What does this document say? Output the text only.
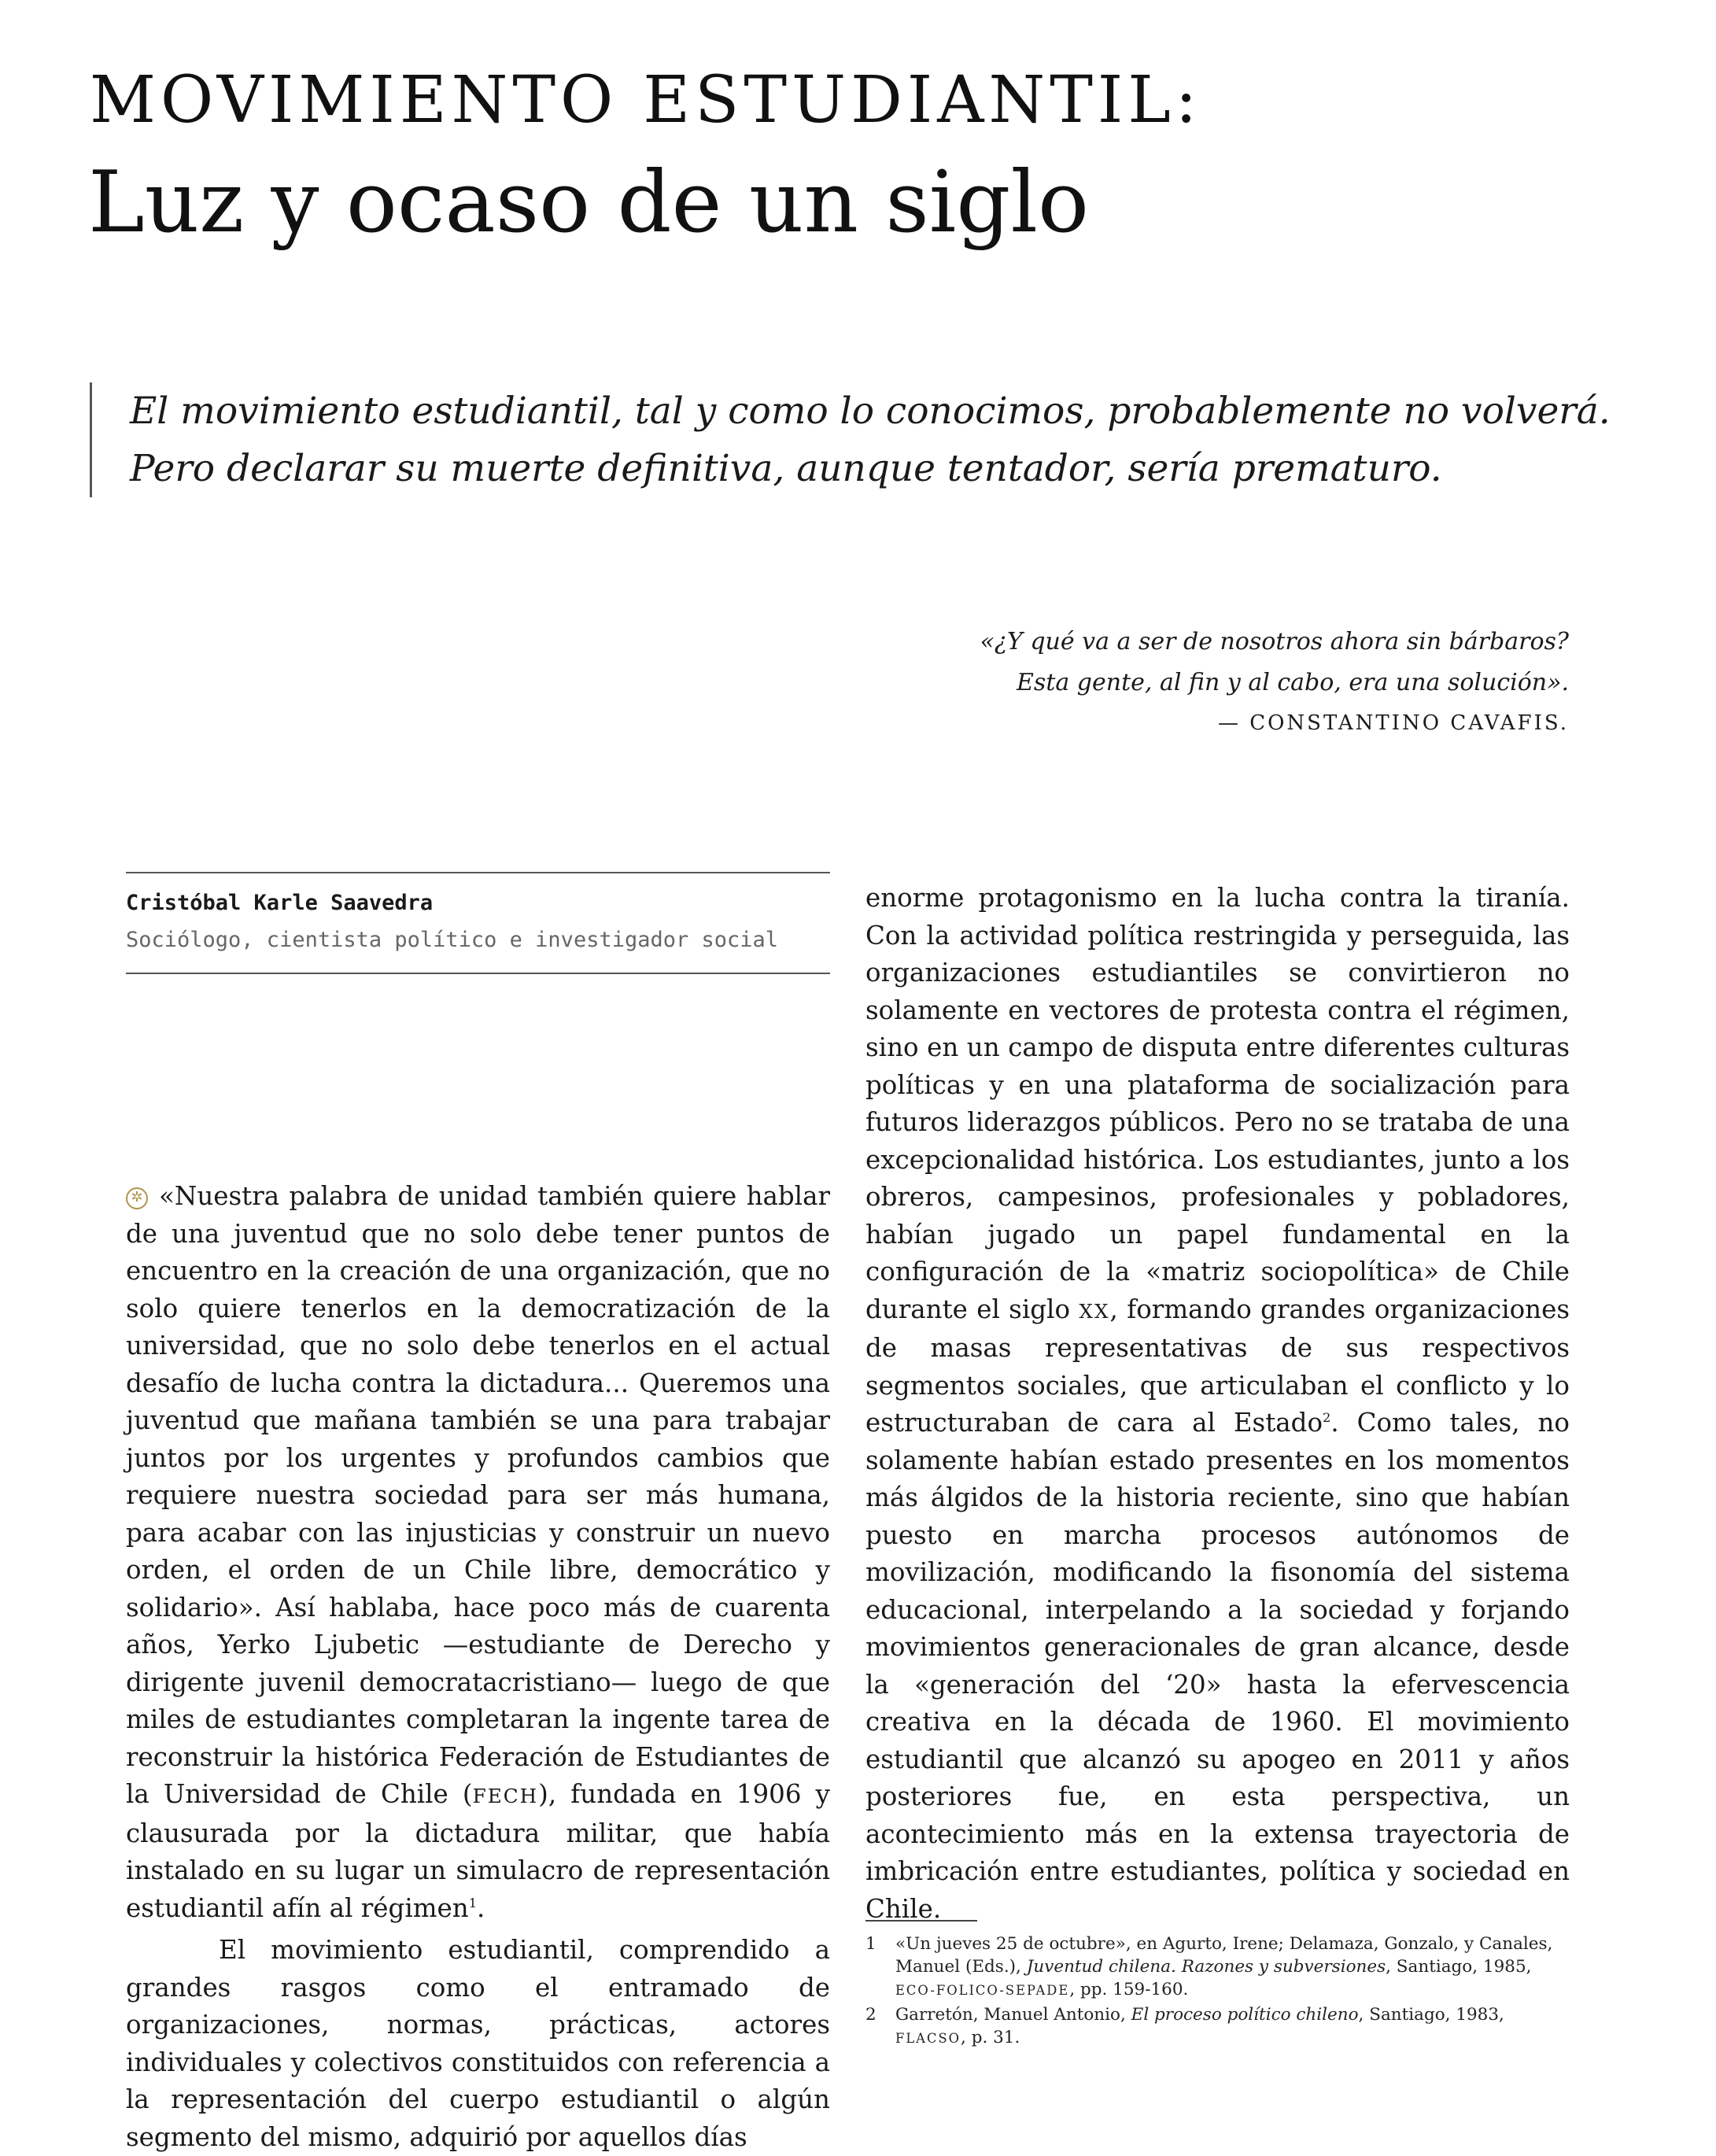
MOVIMIENTO ESTUDIANTIL:
Luz y ocaso de un siglo

El movimiento estudiantil, tal y como lo conocimos, probablemente no volverá.

Pero declarar su muerte definitiva, aunque tentador, sería prematuro.

«¿Y qué va a ser de nosotros ahora sin bárbaros?

Esta gente, al fin y al cabo, era una solución».

— CONSTANTINO CAVAFIS.

Cristóbal Karle Saavedra
Sociólogo, cientista político e investigador social

✲ «Nuestra palabra de unidad también quiere hablar de una juventud que no solo debe tener puntos de encuentro en la creación de una organización, que no solo quiere tenerlos en la democratización de la universidad, que no solo debe tenerlos en el actual desafío de lucha contra la dictadura... Queremos una juventud que mañana también se una para trabajar juntos por los urgentes y profundos cambios que requiere nuestra sociedad para ser más humana, para acabar con las injusticias y construir un nuevo orden, el orden de un Chile libre, democrático y solidario». Así hablaba, hace poco más de cuarenta años, Yerko Ljubetic —estudiante de Derecho y dirigente juvenil democratacristiano— luego de que miles de estudiantes completaran la ingente tarea de reconstruir la histórica Federación de Estudiantes de la Universidad de Chile (FECH), fundada en 1906 y clausurada por la dictadura militar, que había instalado en su lugar un simulacro de representación estudiantil afín al régimen$^1$.

El movimiento estudiantil, comprendido a grandes rasgos como el entramado de organizaciones, normas, prácticas, actores individuales y colectivos constituidos con referencia a la representación del cuerpo estudiantil o algún segmento del mismo, adquirió por aquellos días

enorme protagonismo en la lucha contra la tiranía. Con la actividad política restringida y perseguida, las organizaciones estudiantiles se convirtieron no solamente en vectores de protesta contra el régimen, sino en un campo de disputa entre diferentes culturas políticas y en una plataforma de socialización para futuros liderazgos públicos. Pero no se trataba de una excepcionalidad histórica. Los estudiantes, junto a los obreros, campesinos, profesionales y pobladores, habían jugado un papel fundamental en la configuración de la «matriz sociopolítica» de Chile durante el siglo XX, formando grandes organizaciones de masas representativas de sus respectivos segmentos sociales, que articulaban el conflicto y lo estructuraban de cara al Estado$^2$. Como tales, no solamente habían estado presentes en los momentos más álgidos de la historia reciente, sino que habían puesto en marcha procesos autónomos de movilización, modificando la fisonomía del sistema educacional, interpelando a la sociedad y forjando movimientos generacionales de gran alcance, desde la «generación del ‘20» hasta la efervescencia creativa en la década de 1960. El movimiento estudiantil que alcanzó su apogeo en 2011 y años posteriores fue, en esta perspectiva, un acontecimiento más en la extensa trayectoria de imbricación entre estudiantes, política y sociedad en Chile.

1	«Un jueves 25 de octubre», en Agurto, Irene; Delamaza, Gonzalo, y Canales, Manuel (Eds.), Juventud chilena. Razones y subversiones, Santiago, 1985, ECO-FOLICO-SEPADE, pp. 159-160.
2	Garretón, Manuel Antonio, El proceso político chileno, Santiago, 1983, FLACSO, p. 31.
